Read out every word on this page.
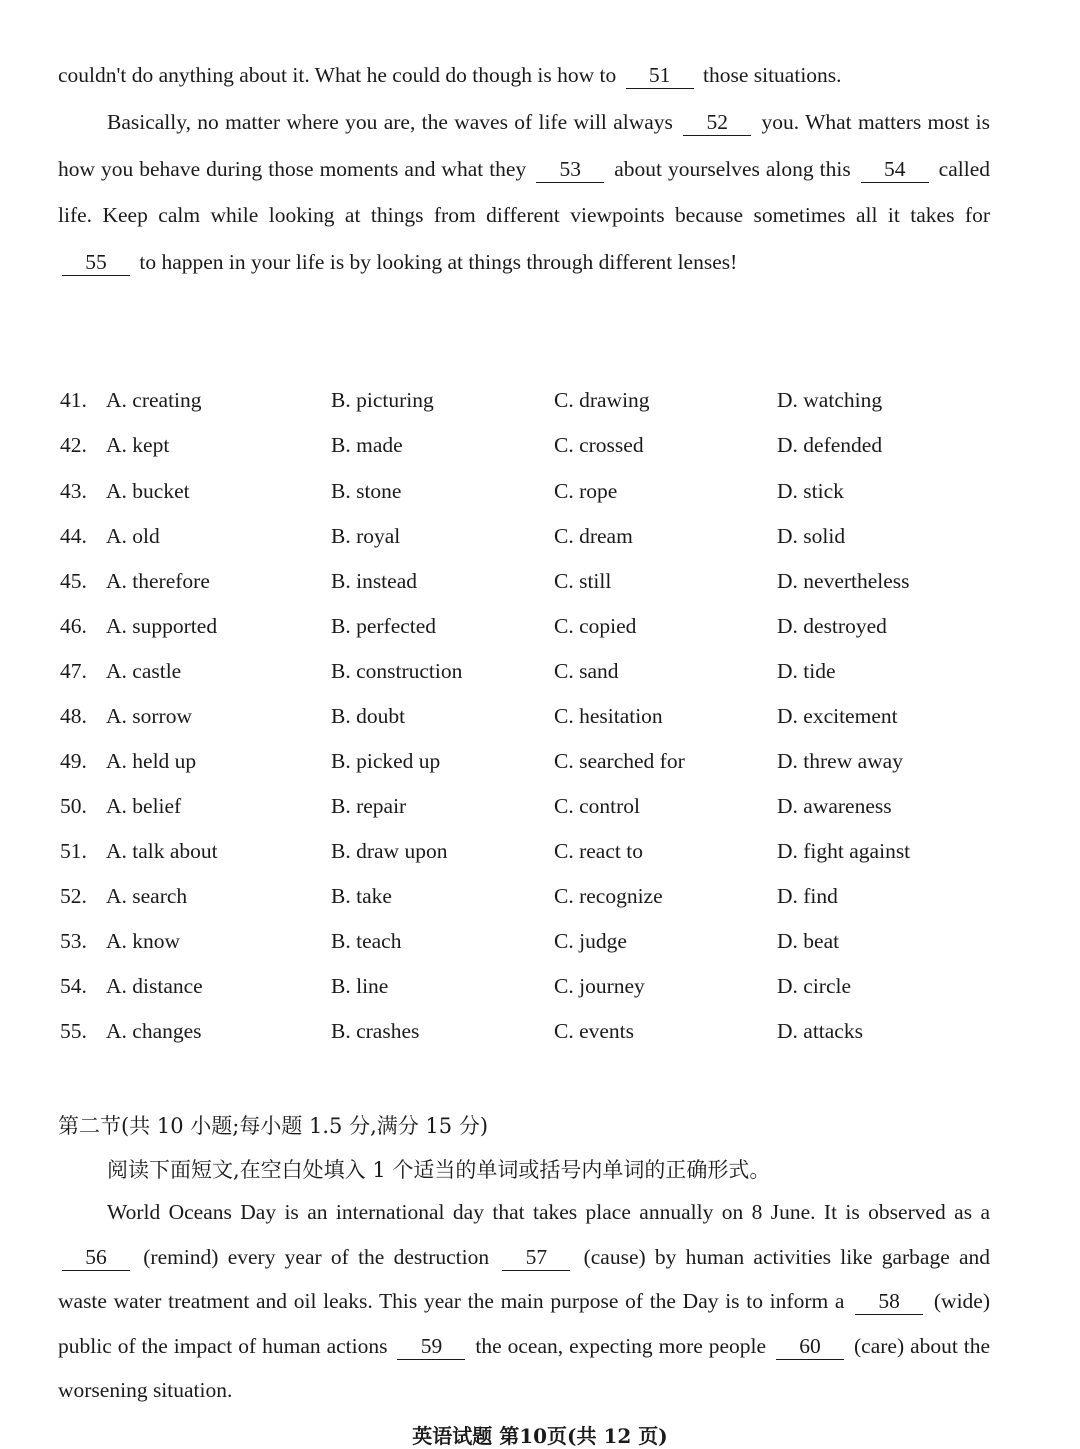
couldn't do anything about it. What he could do though is how to 51 those situations.
Basically, no matter where you are, the waves of life will always 52 you. What matters most is how you behave during those moments and what they 53 about yourselves along this 54 called life. Keep calm while looking at things from different viewpoints because sometimes all it takes for 55 to happen in your life is by looking at things through different lenses!
41. A. creating	B. picturing	C. drawing	D. watching
42. A. kept	B. made	C. crossed	D. defended
43. A. bucket	B. stone	C. rope	D. stick
44. A. old	B. royal	C. dream	D. solid
45. A. therefore	B. instead	C. still	D. nevertheless
46. A. supported	B. perfected	C. copied	D. destroyed
47. A. castle	B. construction	C. sand	D. tide
48. A. sorrow	B. doubt	C. hesitation	D. excitement
49. A. held up	B. picked up	C. searched for	D. threw away
50. A. belief	B. repair	C. control	D. awareness
51. A. talk about	B. draw upon	C. react to	D. fight against
52. A. search	B. take	C. recognize	D. find
53. A. know	B. teach	C. judge	D. beat
54. A. distance	B. line	C. journey	D. circle
55. A. changes	B. crashes	C. events	D. attacks
第二节(共 10 小题;每小题 1.5 分,满分 15 分)
阅读下面短文,在空白处填入 1 个适当的单词或括号内单词的正确形式。
World Oceans Day is an international day that takes place annually on 8 June. It is observed as a 56 (remind) every year of the destruction 57 (cause) by human activities like garbage and waste water treatment and oil leaks. This year the main purpose of the Day is to inform a 58 (wide) public of the impact of human actions 59 the ocean, expecting more people 60 (care) about the worsening situation.
英语试题 第10页(共 12 页)
